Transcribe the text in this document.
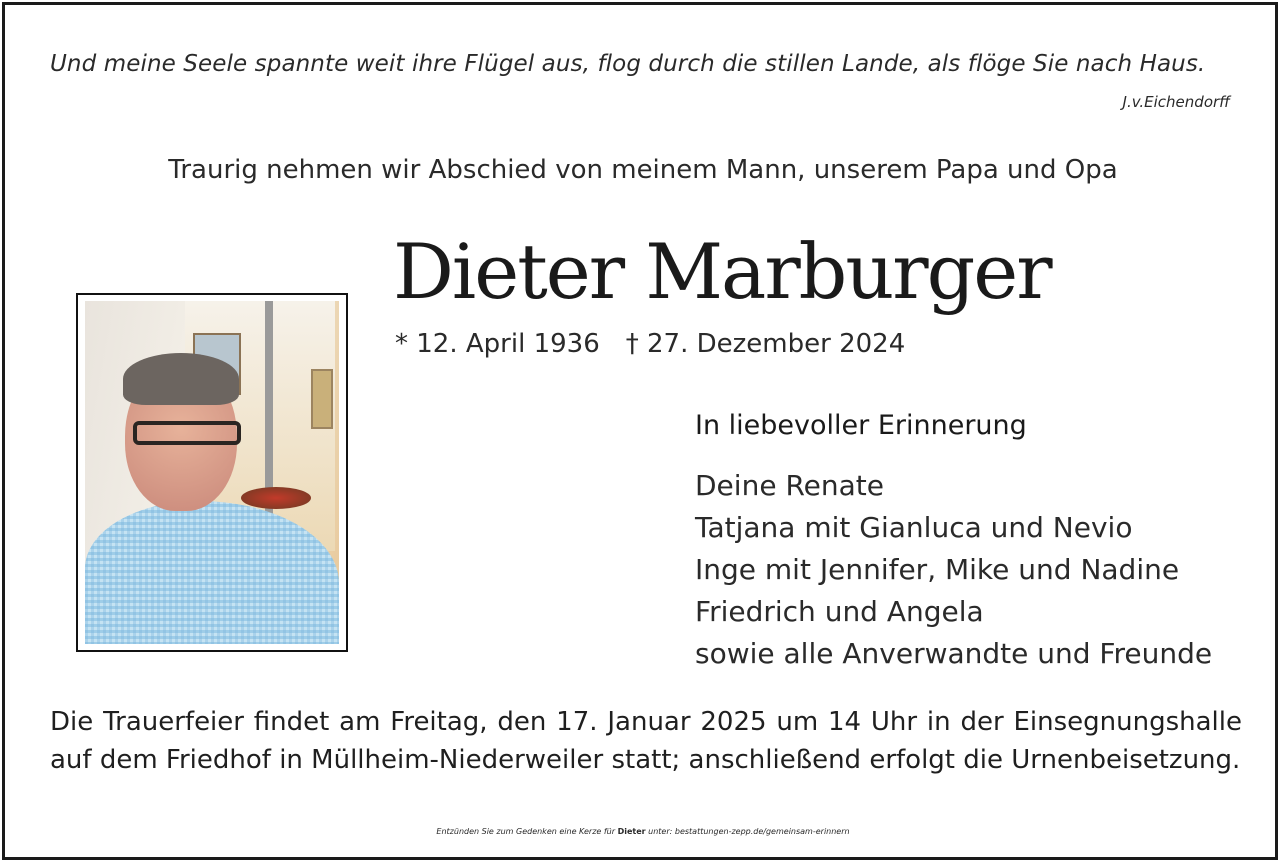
Und meine Seele spannte weit ihre Flügel aus, flog durch die stillen Lande, als flöge Sie nach Haus.
J.v.Eichendorff
Traurig nehmen wir Abschied von meinem Mann, unserem Papa und Opa
Dieter Marburger
* 12. April 1936 † 27. Dezember 2024
In liebevoller Erinnerung
Deine Renate
Tatjana mit Gianluca und Nevio
Inge mit Jennifer, Mike und Nadine
Friedrich und Angela
sowie alle Anverwandte und Freunde
Die Trauerfeier findet am Freitag, den 17. Januar 2025 um 14 Uhr in der Einsegnungshalle auf dem Friedhof in Müllheim-Niederweiler statt; anschließend erfolgt die Urnenbeisetzung.
Entzünden Sie zum Gedenken eine Kerze für Dieter unter: bestattungen-zepp.de/gemeinsam-erinnern
